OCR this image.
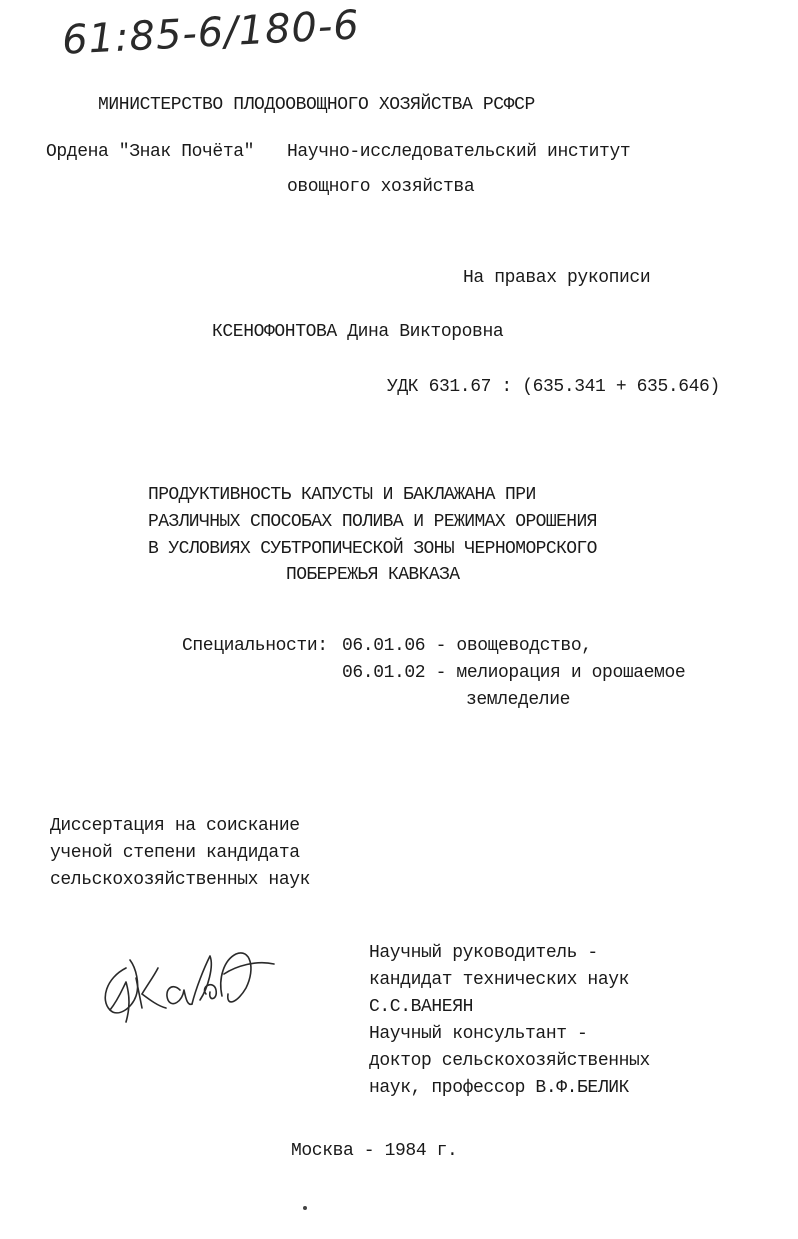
61:85-6/180-6
МИНИСТЕРСТВО ПЛОДООВОЩНОГО ХОЗЯЙСТВА РСФСР
Ордена "Знак Почёта" Научно-исследовательский институт
овощного хозяйства
На правах рукописи
КСЕНОФОНТОВА Дина Викторовна
УДК 631.67 : (635.341 + 635.646)
ПРОДУКТИВНОСТЬ КАПУСТЫ И БАКЛАЖАНА ПРИ
РАЗЛИЧНЫХ СПОСОБАХ ПОЛИВА И РЕЖИМАХ ОРОШЕНИЯ
В УСЛОВИЯХ СУБТРОПИЧЕСКОЙ ЗОНЫ ЧЕРНОМОРСКОГО
ПОБЕРЕЖЬЯ КАВКАЗА
Специальности: 06.01.06 - овощеводство,
06.01.02 - мелиорация и орошаемое
земледелие
Диссертация на соискание
ученой степени кандидата
сельскохозяйственных наук
Научный руководитель -
кандидат технических наук
С.С.ВАНЕЯН
Научный консультант -
доктор сельскохозяйственных
наук, профессор В.Ф.БЕЛИК
Москва - 1984 г.
